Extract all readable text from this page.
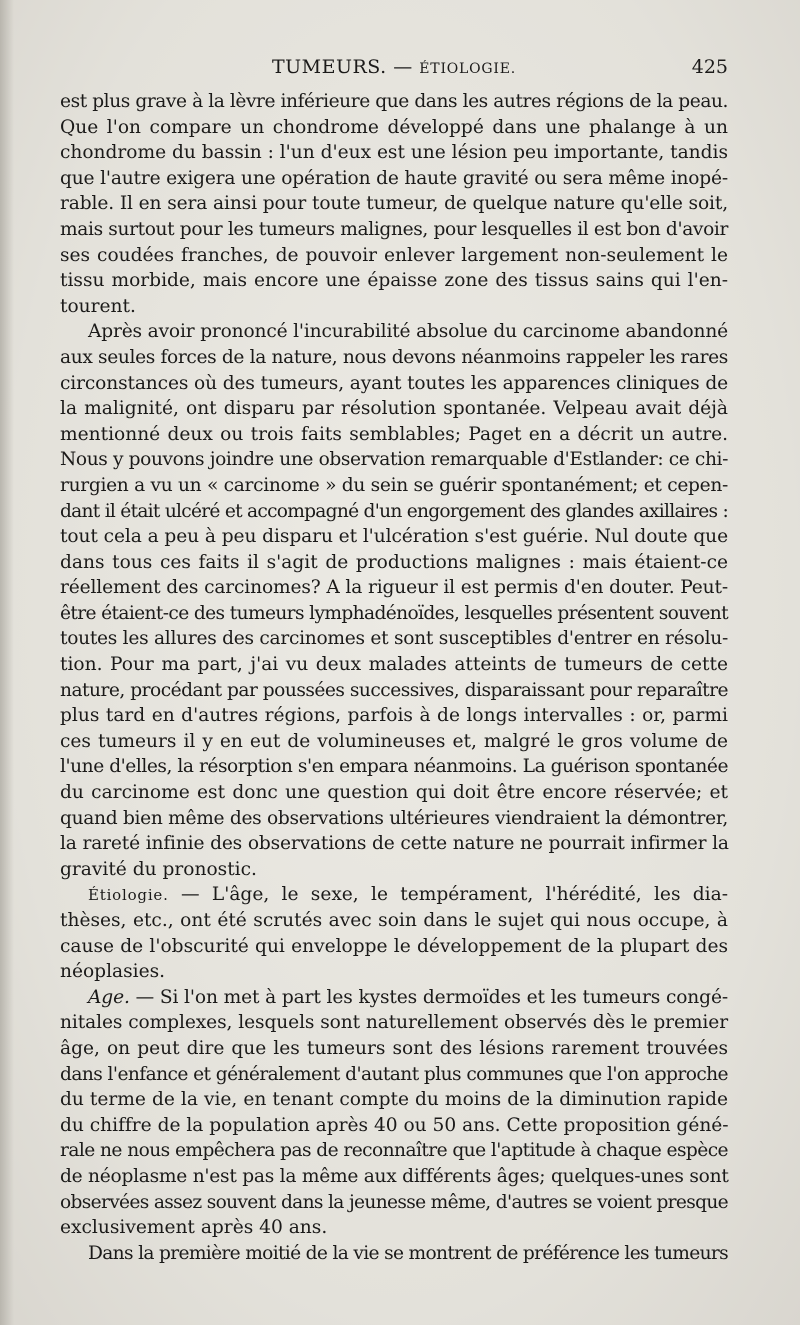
TUMEURS. — ÉTIOLOGIE.	425
est plus grave à la lèvre inférieure que dans les autres régions de la peau.
Que l'on compare un chondrome développé dans une phalange à un
chondrome du bassin : l'un d'eux est une lésion peu importante, tandis
que l'autre exigera une opération de haute gravité ou sera même inopé-
rable. Il en sera ainsi pour toute tumeur, de quelque nature qu'elle soit,
mais surtout pour les tumeurs malignes, pour lesquelles il est bon d'avoir
ses coudées franches, de pouvoir enlever largement non-seulement le
tissu morbide, mais encore une épaisse zone des tissus sains qui l'en-
tourent.
Après avoir prononcé l'incurabilité absolue du carcinome abandonné
aux seules forces de la nature, nous devons néanmoins rappeler les rares
circonstances où des tumeurs, ayant toutes les apparences cliniques de
la malignité, ont disparu par résolution spontanée. Velpeau avait déjà
mentionné deux ou trois faits semblables; Paget en a décrit un autre.
Nous y pouvons joindre une observation remarquable d'Estlander: ce chi-
rurgien a vu un « carcinome » du sein se guérir spontanément; et cepen-
dant il était ulcéré et accompagné d'un engorgement des glandes axillaires :
tout cela a peu à peu disparu et l'ulcération s'est guérie. Nul doute que
dans tous ces faits il s'agit de productions malignes : mais étaient-ce
réellement des carcinomes? A la rigueur il est permis d'en douter. Peut-
être étaient-ce des tumeurs lymphadénoïdes, lesquelles présentent souvent
toutes les allures des carcinomes et sont susceptibles d'entrer en résolu-
tion. Pour ma part, j'ai vu deux malades atteints de tumeurs de cette
nature, procédant par poussées successives, disparaissant pour reparaître
plus tard en d'autres régions, parfois à de longs intervalles : or, parmi
ces tumeurs il y en eut de volumineuses et, malgré le gros volume de
l'une d'elles, la résorption s'en empara néanmoins. La guérison spontanée
du carcinome est donc une question qui doit être encore réservée; et
quand bien même des observations ultérieures viendraient la démontrer,
la rareté infinie des observations de cette nature ne pourrait infirmer la
gravité du pronostic.
Étiologie. — L'âge, le sexe, le tempérament, l'hérédité, les dia-
thèses, etc., ont été scrutés avec soin dans le sujet qui nous occupe, à
cause de l'obscurité qui enveloppe le développement de la plupart des
néoplasies.
Age. — Si l'on met à part les kystes dermoïdes et les tumeurs congé-
nitales complexes, lesquels sont naturellement observés dès le premier
âge, on peut dire que les tumeurs sont des lésions rarement trouvées
dans l'enfance et généralement d'autant plus communes que l'on approche
du terme de la vie, en tenant compte du moins de la diminution rapide
du chiffre de la population après 40 ou 50 ans. Cette proposition géné-
rale ne nous empêchera pas de reconnaître que l'aptitude à chaque espèce
de néoplasme n'est pas la même aux différents âges; quelques-unes sont
observées assez souvent dans la jeunesse même, d'autres se voient presque
exclusivement après 40 ans.
Dans la première moitié de la vie se montrent de préférence les tumeurs
